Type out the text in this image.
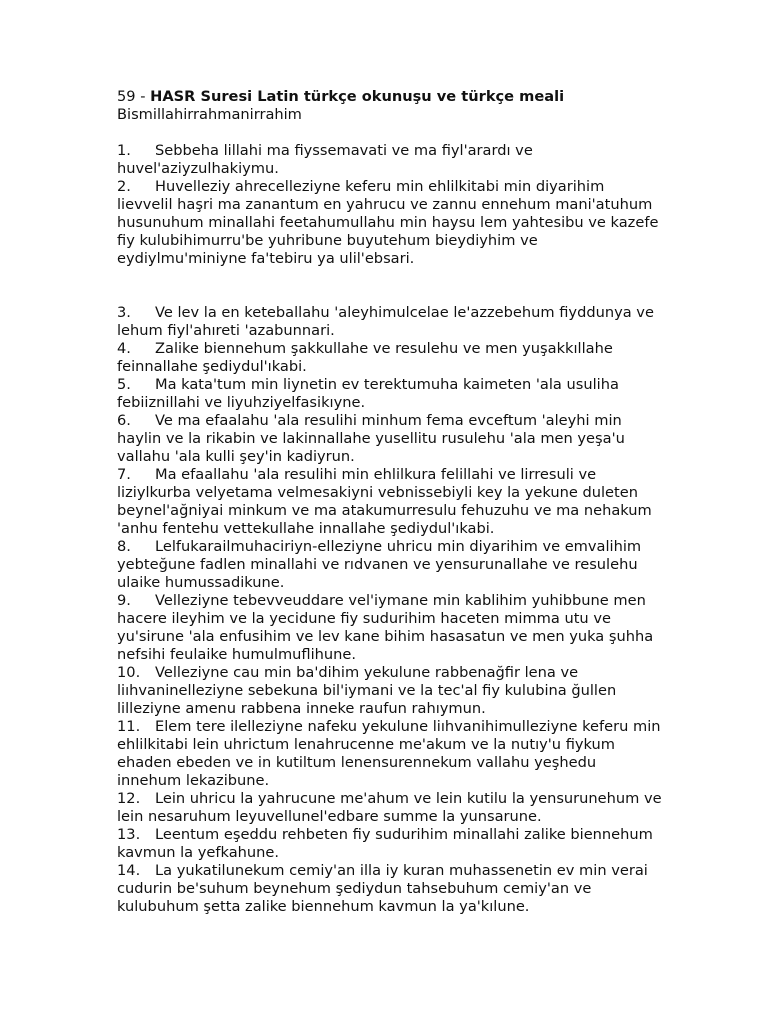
59 - HASR Suresi Latin türkçe okunuşu ve türkçe meali

Bismillahirrahmanirrahim

1. Sebbeha lillahi ma fiyssemavati ve ma fiyl'arardı ve huvel'aziyzulhakiymu.

2. Huvelleziy ahrecelleziyne keferu min ehlilkitabi min diyarihim lievvelil haşri ma zanantum en yahrucu ve zannu ennehum mani'atuhum husunuhum minallahi feetahumullahu min haysu lem yahtesibu ve kazefe fiy kulubihimurru'be yuhribune buyutehum bieydiyhim ve eydiylmu'miniyne fa'tebiru ya ulil'ebsari.

3. Ve lev la en keteballahu 'aleyhimulcelae le'azzebehum fiyddunya ve lehum fiyl'ahıreti 'azabunnari.

4. Zalike biennehum şakkullahe ve resulehu ve men yuşakkıllahe feinnallahe şediydul'ıkabi.

5. Ma kata'tum min liynetin ev terektumuha kaimeten 'ala usuliha febiiznillahi ve liyuhziyelfasikıyne.

6. Ve ma efaalahu 'ala resulihi minhum fema evceftum 'aleyhi min haylin ve la rikabin ve lakinnallahe yusellitu rusulehu 'ala men yeşa'u vallahu 'ala kulli şey'in kadiyrun.

7. Ma efaallahu 'ala resulihi min ehlilkura felillahi ve lirresuli ve liziylkurba velyetama velmesakiyni vebnissebiyli key la yekune duleten beynel'ağniyai minkum ve ma atakumurresulu fehuzuhu ve ma nehakum 'anhu fentehu vettekullahe innallahe şediydul'ıkabi.

8. Lelfukarailmuhaciriyn-elleziyne uhricu min diyarihim ve emvalihim yebteğune fadlen minallahi ve rıdvanen ve yensurunallahe ve resulehu ulaike humussadikune.

9. Velleziyne tebevveuddare vel'iymane min kablihim yuhibbune men hacere ileyhim ve la yecidune fiy sudurihim haceten mimma utu ve yu'sirune 'ala enfusihim ve lev kane bihim hasasatun ve men yuka şuhha nefsihi feulaike humulmuflihune.

10. Velleziyne cau min ba'dihim yekulune rabbenağfir lena ve liıhvaninelleziyne sebekuna bil'iymani ve la tec'al fiy kulubina ğullen lilleziyne amenu rabbena inneke raufun rahıymun.

11. Elem tere ilelleziyne nafeku yekulune liıhvanihimulleziyne keferu min ehlilkitabi lein uhrictum lenahrucenne me'akum ve la nutıy'u fiykum ehaden ebeden ve in kutiltum lenensurennekum vallahu yeşhedu innehum lekazibune.

12. Lein uhricu la yahrucune me'ahum ve lein kutilu la yensurunehum ve lein nesaruhum leyuvellunel'edbare summe la yunsarune.

13. Leentum eşeddu rehbeten fiy sudurihim minallahi zalike biennehum kavmun la yefkahune.

14. La yukatilunekum cemiy'an illa iy kuran muhassenetin ev min verai cudurin be'suhum beynehum şediydun tahsebuhum cemiy'an ve kulubuhum şetta zalike biennehum kavmun la ya'kılune.
